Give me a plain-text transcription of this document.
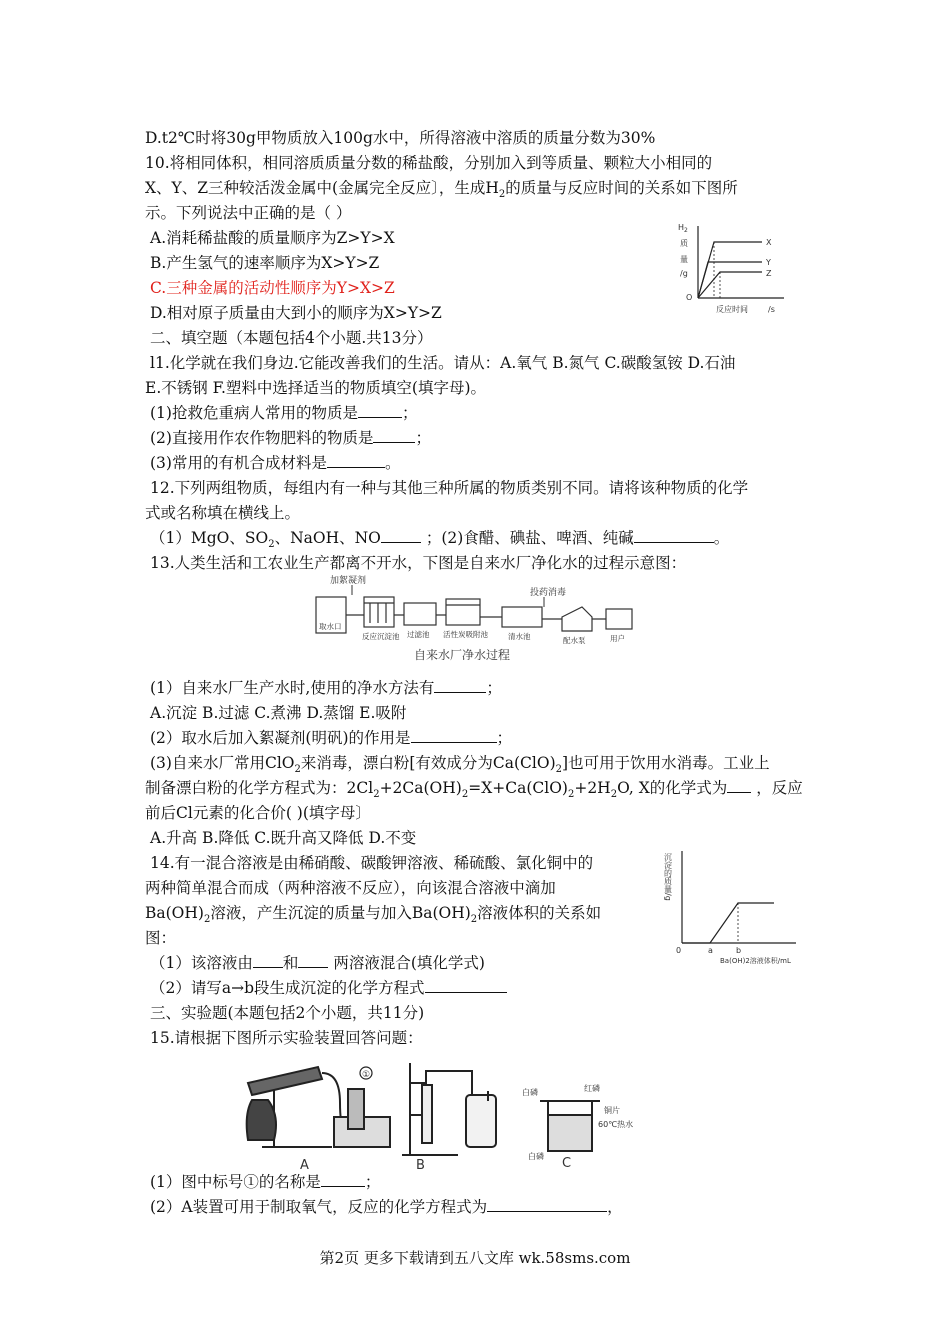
D.t2℃时将30g甲物质放入100g水中，所得溶液中溶质的质量分数为30%
10.将相同体积，相同溶质质量分数的稀盐酸，分别加入到等质量、颗粒大小相同的
X、Y、Z三种较活泼金属中(金属完全反应〕，生成$H_2$的质量与反应时间的关系如下图所
示。下列说法中正确的是（ ）
A.消耗稀盐酸的质量顺序为Z>Y>X
B.产生氢气的速率顺序为X>Y>Z
C.三种金属的活动性顺序为Y>X>Z
D.相对原子质量由大到小的顺序为X>Y>Z
二、填空题（本题包括4个小题.共13分）
l1.化学就在我们身边.它能改善我们的生活。请从：A.氧气 B.氮气 C.碳酸氢铵 D.石油
E.不锈钢 F.塑料中选择适当的物质填空(填字母)。
(1)抢救危重病人常用的物质是	；
(2)直接用作农作物肥料的物质是	；
(3)常用的有机合成材料是	。
12.下列两组物质，每组内有一种与其他三种所属的物质类别不同。请将该种物质的化学
式或名称填在横线上。
（1）MgO、$SO_2$、NaOH、NO	；(2)食醋、碘盐、啤酒、纯碱	。
13.人类生活和工农业生产都离不开水，下图是自来水厂净化水的过程示意图：
加絮凝剂
投药消毒
取水口
反应沉淀池 过滤池 活性炭吸附池	清水池	配水泵	用户
自来水厂净水过程
(1）自来水厂生产水时,使用的净水方法有	；
A.沉淀 B.过滤 C.煮沸 D.蒸馏 E.吸附
(2）取水后加入絮凝剂(明矾)的作用是	；
(3)自来水厂常用ClO$_2$来消毒，漂白粉[有效成分为$Ca(ClO)_2$]也可用于饮用水消毒。工业上
制备漂白粉的化学方程式为：$2Cl_2+2Ca(OH)_2=X+Ca(ClO)_2+2H_2O$, X的化学式为 ，反应
前后Cl元素的化合价( )(填字母〕
A.升高 B.降低 C.既升高又降低 D.不变
14.有一混合溶液是由稀硝酸、碳酸钾溶液、稀硫酸、氯化铜中的
两种简单混合而成（两种溶液不反应），向该混合溶液中滴加
$Ba(OH)_2$溶液，产生沉淀的质量与加入$Ba(OH)_2$溶液体积的关系如
图：
（1）该溶液由 和 两溶液混合(填化学式)
（2）请写a→b段生成沉淀的化学方程式
三、实验题(本题包括2个小题，共11分)
15.请根据下图所示实验装置回答问题：
①
A	B	C
白磷	红磷
铜片
60℃热水
白磷
(1）图中标号①的名称是	；
(2）A装置可用于制取氧气，反应的化学方程式为	，
$H_2$
质
量
/g
O
反应时间	/s
X
Y
Z
沉淀的质量/g
0	a	b
Ba(OH)2溶液体积/mL
第2页 更多下载请到五八文库 wk.58sms.com
